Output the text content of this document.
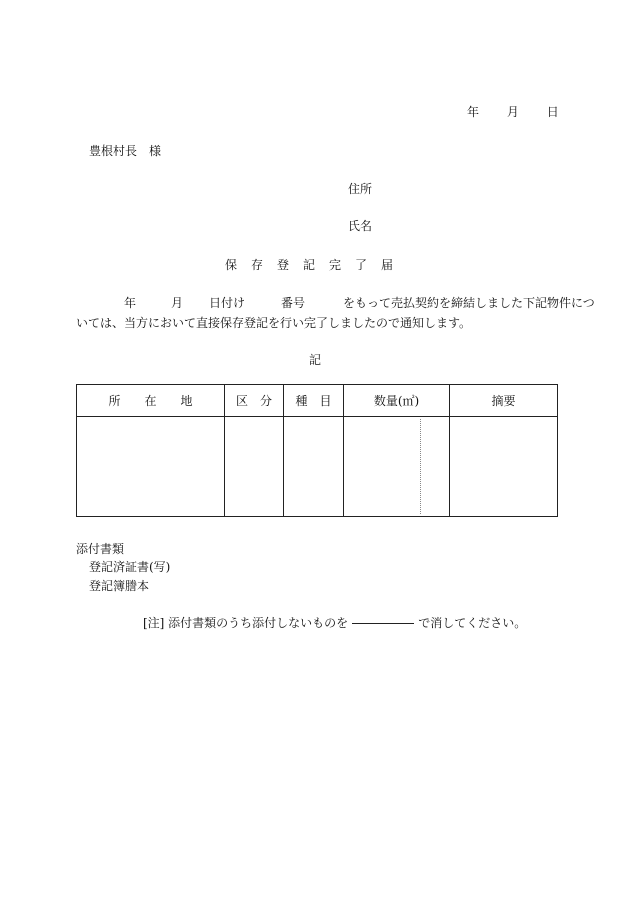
年 月 日
豊根村長 様
住所
氏名
保存登記完了届
年	月 日付け	番号	をもって売払契約を締結しました下記物件につ
いては、当方において直接保存登記を行い完了しましたので通知します。
記
所　　在　　地	区　分	種　目	数量(㎡)	摘要

添付書類
登記済証書(写)
登記簿謄本
[注] 添付書類のうち添付しないものを	で消してください。
